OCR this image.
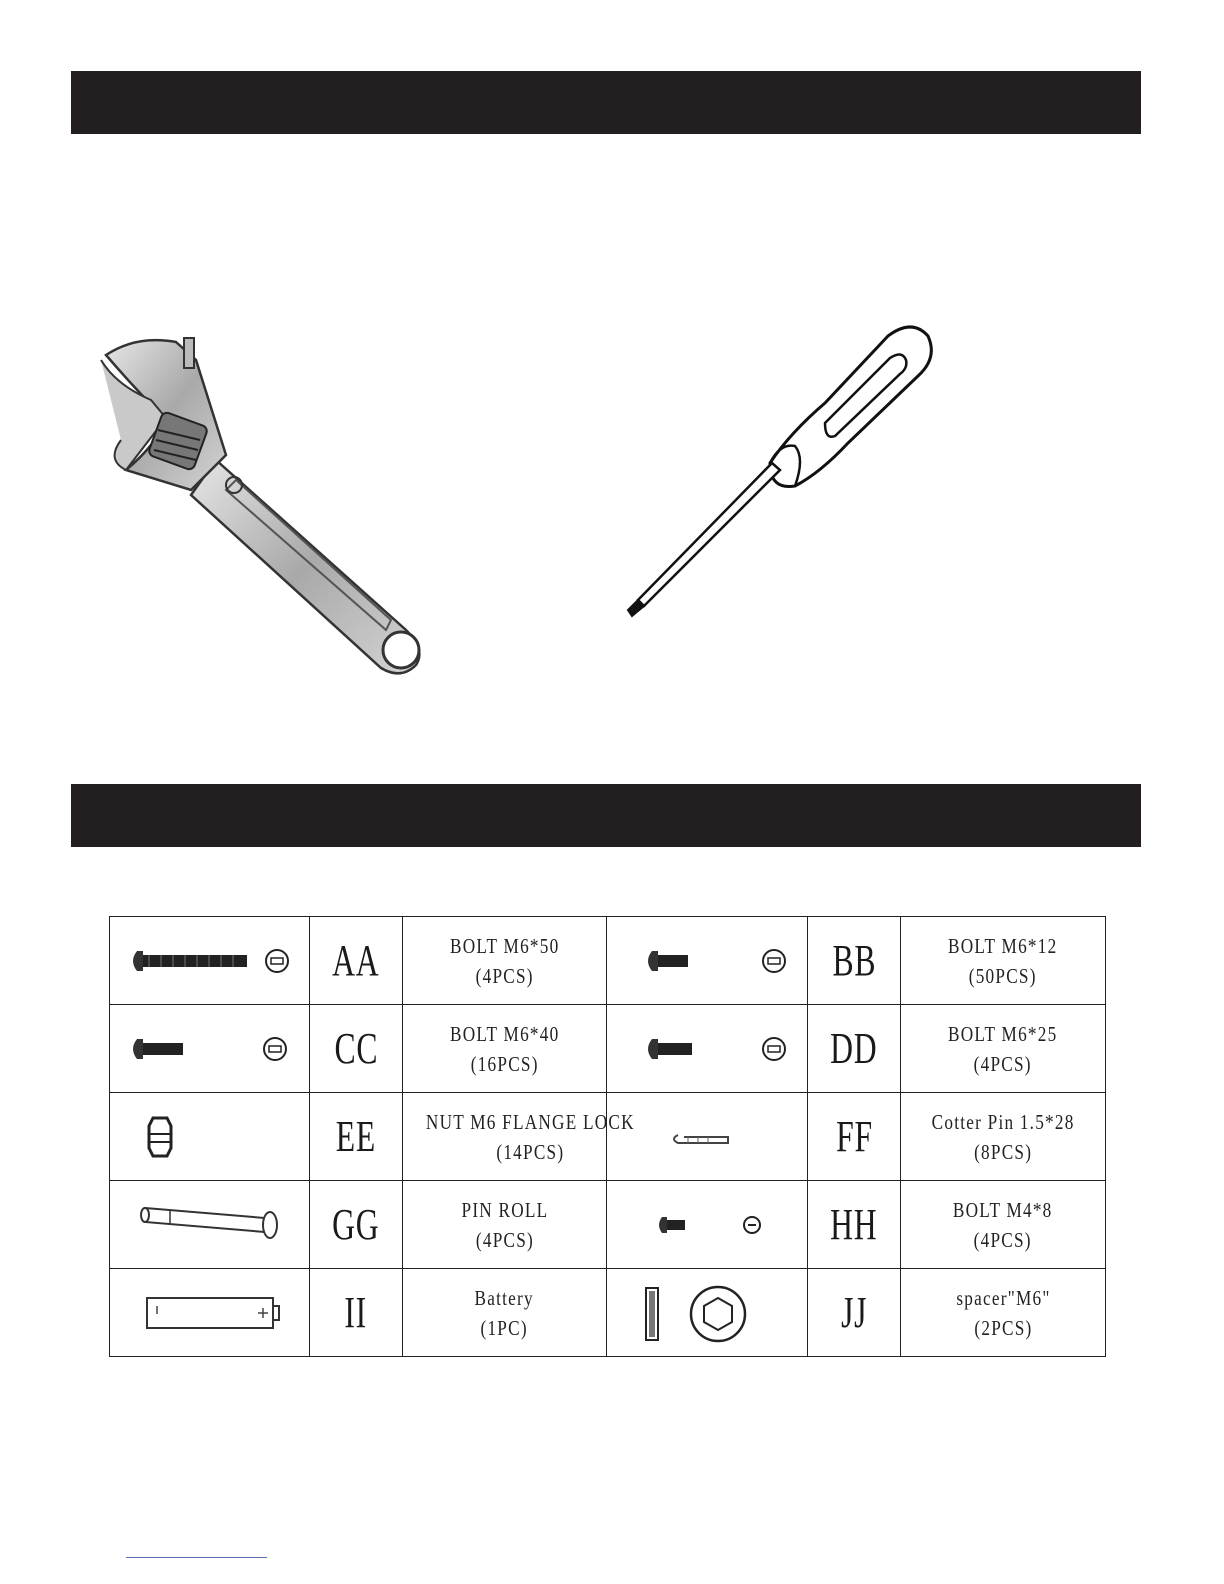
	AA	BOLT M6*50
(4PCS)		BB	BOLT M6*12
(50PCS)

	CC	BOLT M6*40
(16PCS)		DD	BOLT M6*25
(4PCS)

	EE	NUT M6 FLANGE LOCK
(14PCS)		FF	Cotter Pin 1.5*28
(8PCS)

	GG	PIN ROLL
(4PCS)		HH	BOLT M4*8
(4PCS)

	II	Battery
(1PC)		JJ	spacer"M6"
(2PCS)
